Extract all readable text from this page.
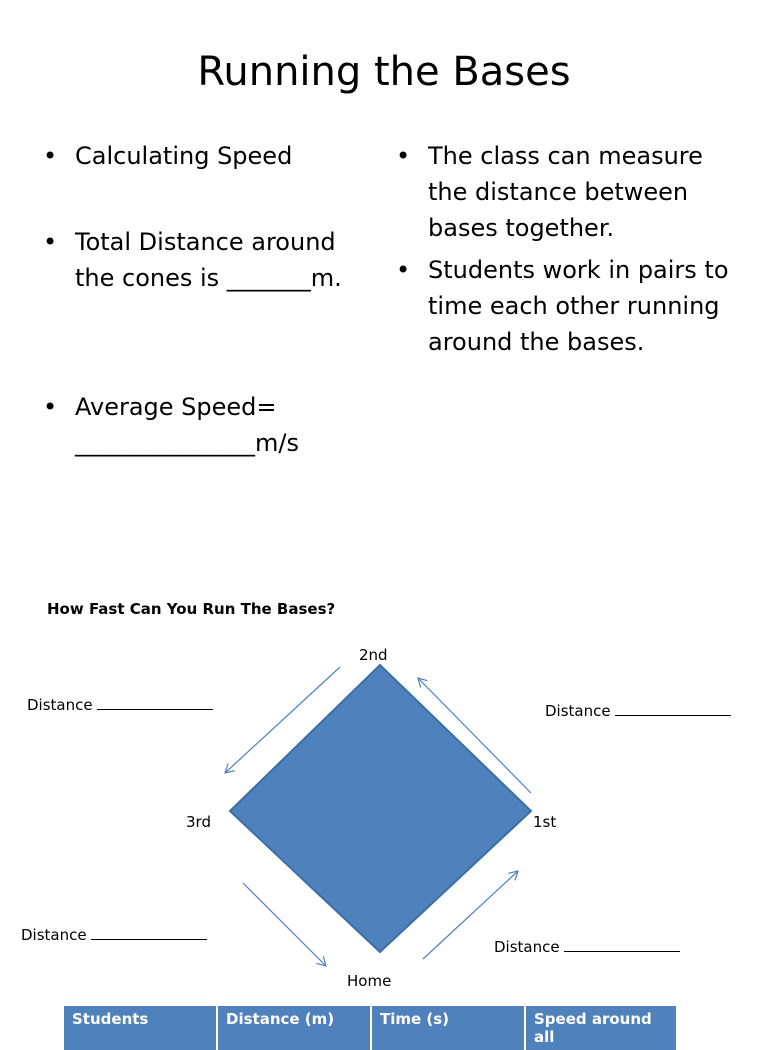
Running the Bases
• Calculating Speed
• Total Distance around the cones is _______m.
• Average Speed= _______________m/s
• The class can measure the distance between bases together.
• Students work in pairs to time each other running around the bases.
How Fast Can You Run The Bases?
2nd
3rd	1st
Home
Distance	Distance
Distance
Distance
Students	Distance (m)	Time (s)	Speed around all
